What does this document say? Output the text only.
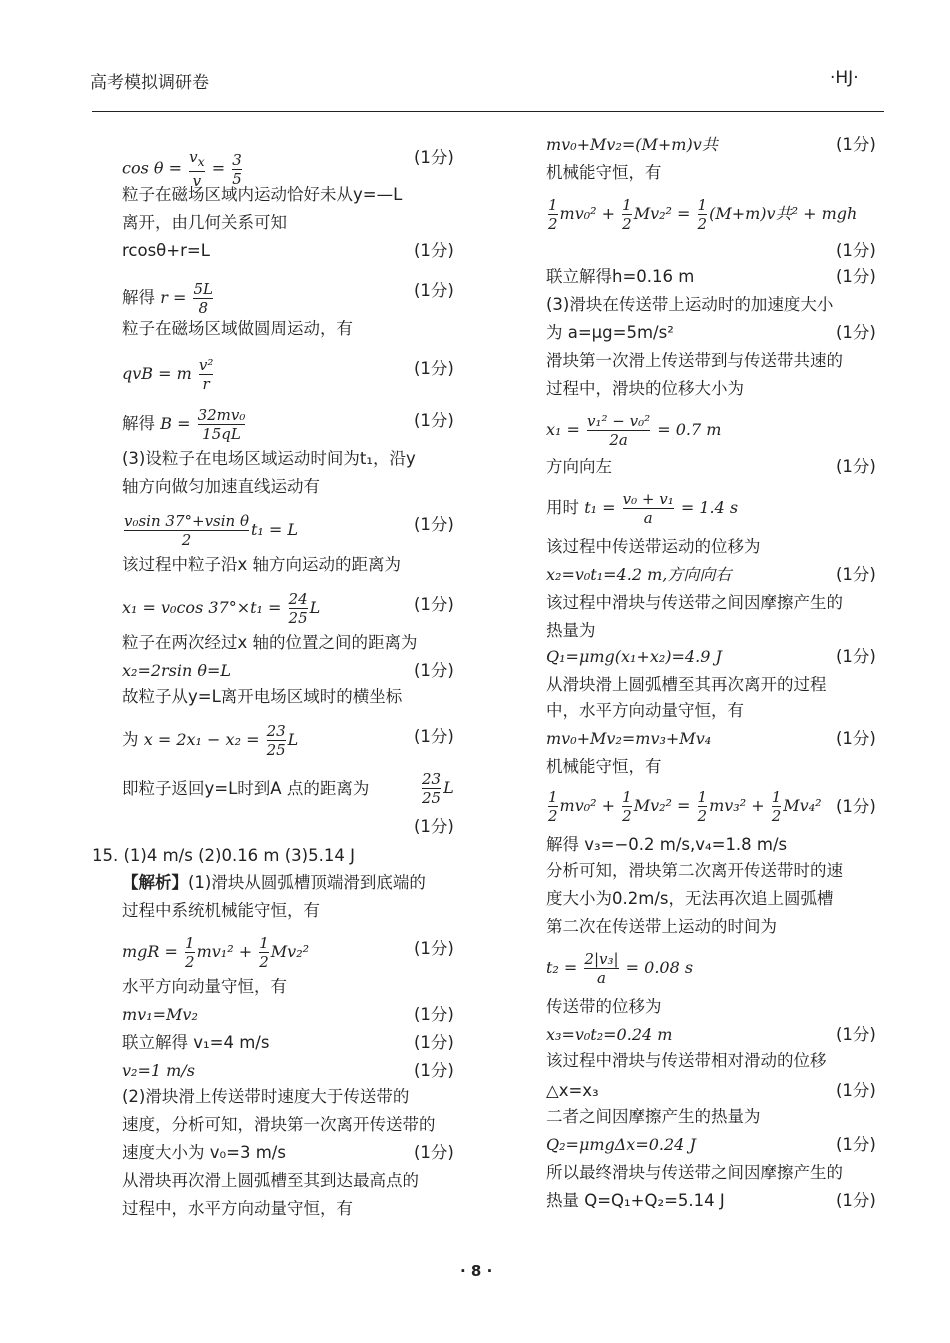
高考模拟调研卷	·HJ·
$\cos \theta = \frac{v_x}{v} = \frac{3}{5}$	(1分)
粒子在磁场区域内运动恰好未从y=—L
离开，由几何关系可知
rcosθ+r=L	(1分)
解得 $r = \frac{5L}{8}$	(1分)
粒子在磁场区域做圆周运动，有
qvB = m $\frac{\text{v²}}{r}$	(1分)
解得 $B = \frac{\text{32mv₀}}{15qL}$	(1分)
(3)设粒子在电场区域运动时间为t₁，沿y
轴方向做匀加速直线运动有
$\frac{\text{v₀sin 37°+vsin θ}}{2} t_1 = L$	(1分)
该过程中粒子沿x 轴方向运动的距离为
x₁ = v₀cos $37^\circ\times t_1 = \frac{24}{25}$ L	(1分)
粒子在两次经过x 轴的位置之间的距离为
x₂=2rsin θ=L	(1分)
故粒子从y=L离开电场区域时的横坐标
为 $x = 2x_1 - x_2 = \frac{23}{25}$ L	(1分)
即粒子返回y=L时到A 点的距离为	$\frac{23}{25}$ L
(1分)
15. (1)4 m/s (2)0.16 m (3)5.14 J
【解析】(1)滑块从圆弧槽顶端滑到底端的
过程中系统机械能守恒，有
mgR = $\frac{1}{2} mv_1^2 + \frac{1}{2} Mv_2^2$	(1分)
水平方向动量守恒，有
mv₁=Mv₂	(1分)
联立解得 v₁=4 m/s	(1分)
v₂=1 m/s	(1分)
(2)滑块滑上传送带时速度大于传送带的
速度，分析可知，滑块第一次离开传送带的
速度大小为 v₀=3 m/s	(1分)
从滑块再次滑上圆弧槽至其到达最高点的
过程中，水平方向动量守恒，有
mv₀+Mv₂=(M+m)v共	(1分)
机械能守恒，有
$\frac{1}{2} mv_0^2 + \frac{1}{2} Mv_2^2 = \frac{1}{2} (M+m)v$共² + mgh
(1分)
联立解得h=0.16 m	(1分)
(3)滑块在传送带上运动时的加速度大小
为 a=μg=5m/s²	(1分)
滑块第一次滑上传送带到与传送带共速的
过程中，滑块的位移大小为
$x_1 = \frac{\text{v₁² − v₀²}}{2a} = 0.7$ m
方向向左	(1分)
用时 $t_1 = \frac{\text{v₀ + v₁}}{a} = 1.4$ s
该过程中传送带运动的位移为
x₂=v₀t₁=4.2 m,方向向右	(1分)
该过程中滑块与传送带之间因摩擦产生的
热量为
Q₁=μmg(x₁+x₂)=4.9 J	(1分)
从滑块滑上圆弧槽至其再次离开的过程
中，水平方向动量守恒，有
mv₀+Mv₂=mv₃+Mv₄	(1分)
机械能守恒，有
$\frac{1}{2} mv_0^2 + \frac{1}{2} Mv_2^2 = \frac{1}{2} mv_3^2 + \frac{1}{2} Mv_4^2$ (1分)
解得 v₃=−0.2 m/s,v₄=1.8 m/s
分析可知，滑块第二次离开传送带时的速
度大小为0.2m/s，无法再次追上圆弧槽
第二次在传送带上运动的时间为
$t_2 = \frac{\text{2|v₃|}}{a} = 0.08$ s
传送带的位移为
x₃=v₀t₂=0.24 m	(1分)
该过程中滑块与传送带相对滑动的位移
△x=x₃	(1分)
二者之间因摩擦产生的热量为
Q₂=μmgΔx=0.24 J	(1分)
所以最终滑块与传送带之间因摩擦产生的
热量 Q=Q₁+Q₂=5.14 J	(1分)
· 8 ·
